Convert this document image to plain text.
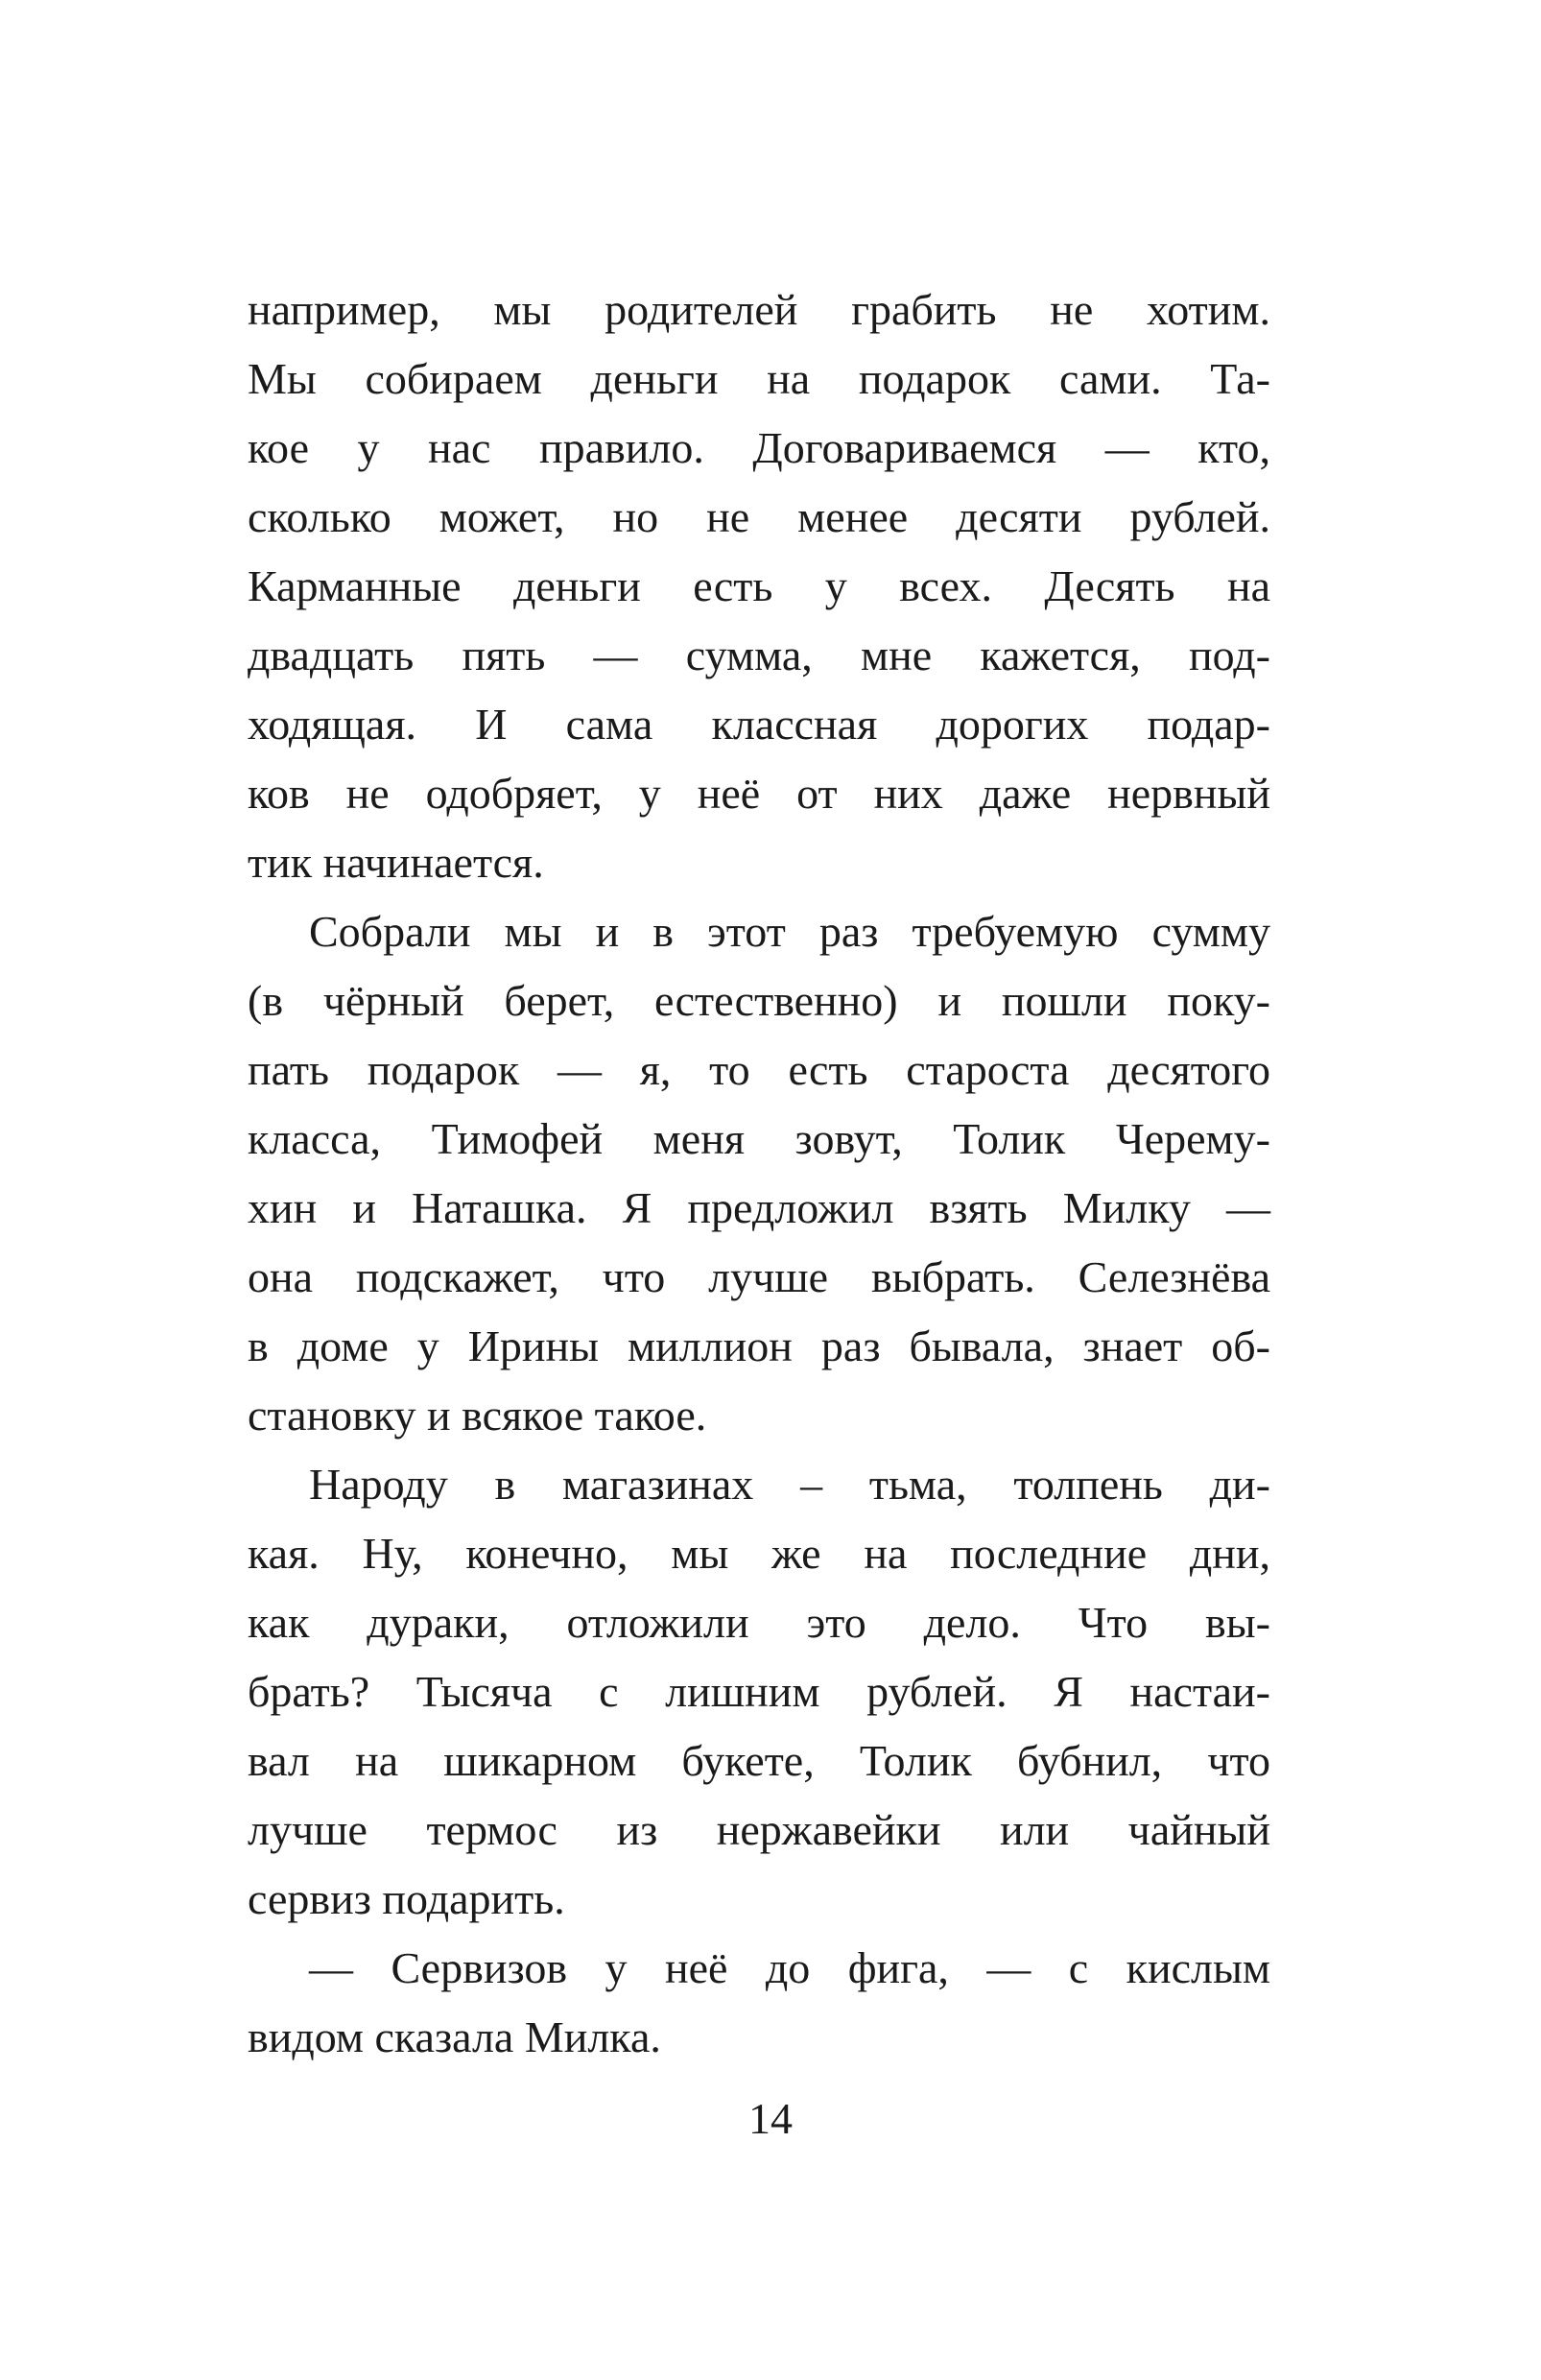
например, мы родителей грабить не хотим.
Мы собираем деньги на подарок сами. Та-
кое у нас правило. Договариваемся — кто,
сколько может, но не менее десяти рублей.
Карманные деньги есть у всех. Десять на
двадцать пять — сумма, мне кажется, под-
ходящая. И сама классная дорогих подар-
ков не одобряет, у неё от них даже нервный
тик начинается.
Собрали мы и в этот раз требуемую сумму
(в чёрный берет, естественно) и пошли поку-
пать подарок — я, то есть староста десятого
класса, Тимофей меня зовут, Толик Черему-
хин и Наташка. Я предложил взять Милку —
она подскажет, что лучше выбрать. Селезнёва
в доме у Ирины миллион раз бывала, знает об-
становку и всякое такое.
Народу в магазинах – тьма, толпень ди-
кая. Ну, конечно, мы же на последние дни,
как дураки, отложили это дело. Что вы-
брать? Тысяча с лишним рублей. Я настаи-
вал на шикарном букете, Толик бубнил, что
лучше термос из нержавейки или чайный
сервиз подарить.
— Сервизов у неё до фига, — с кислым
видом сказала Милка.
14
